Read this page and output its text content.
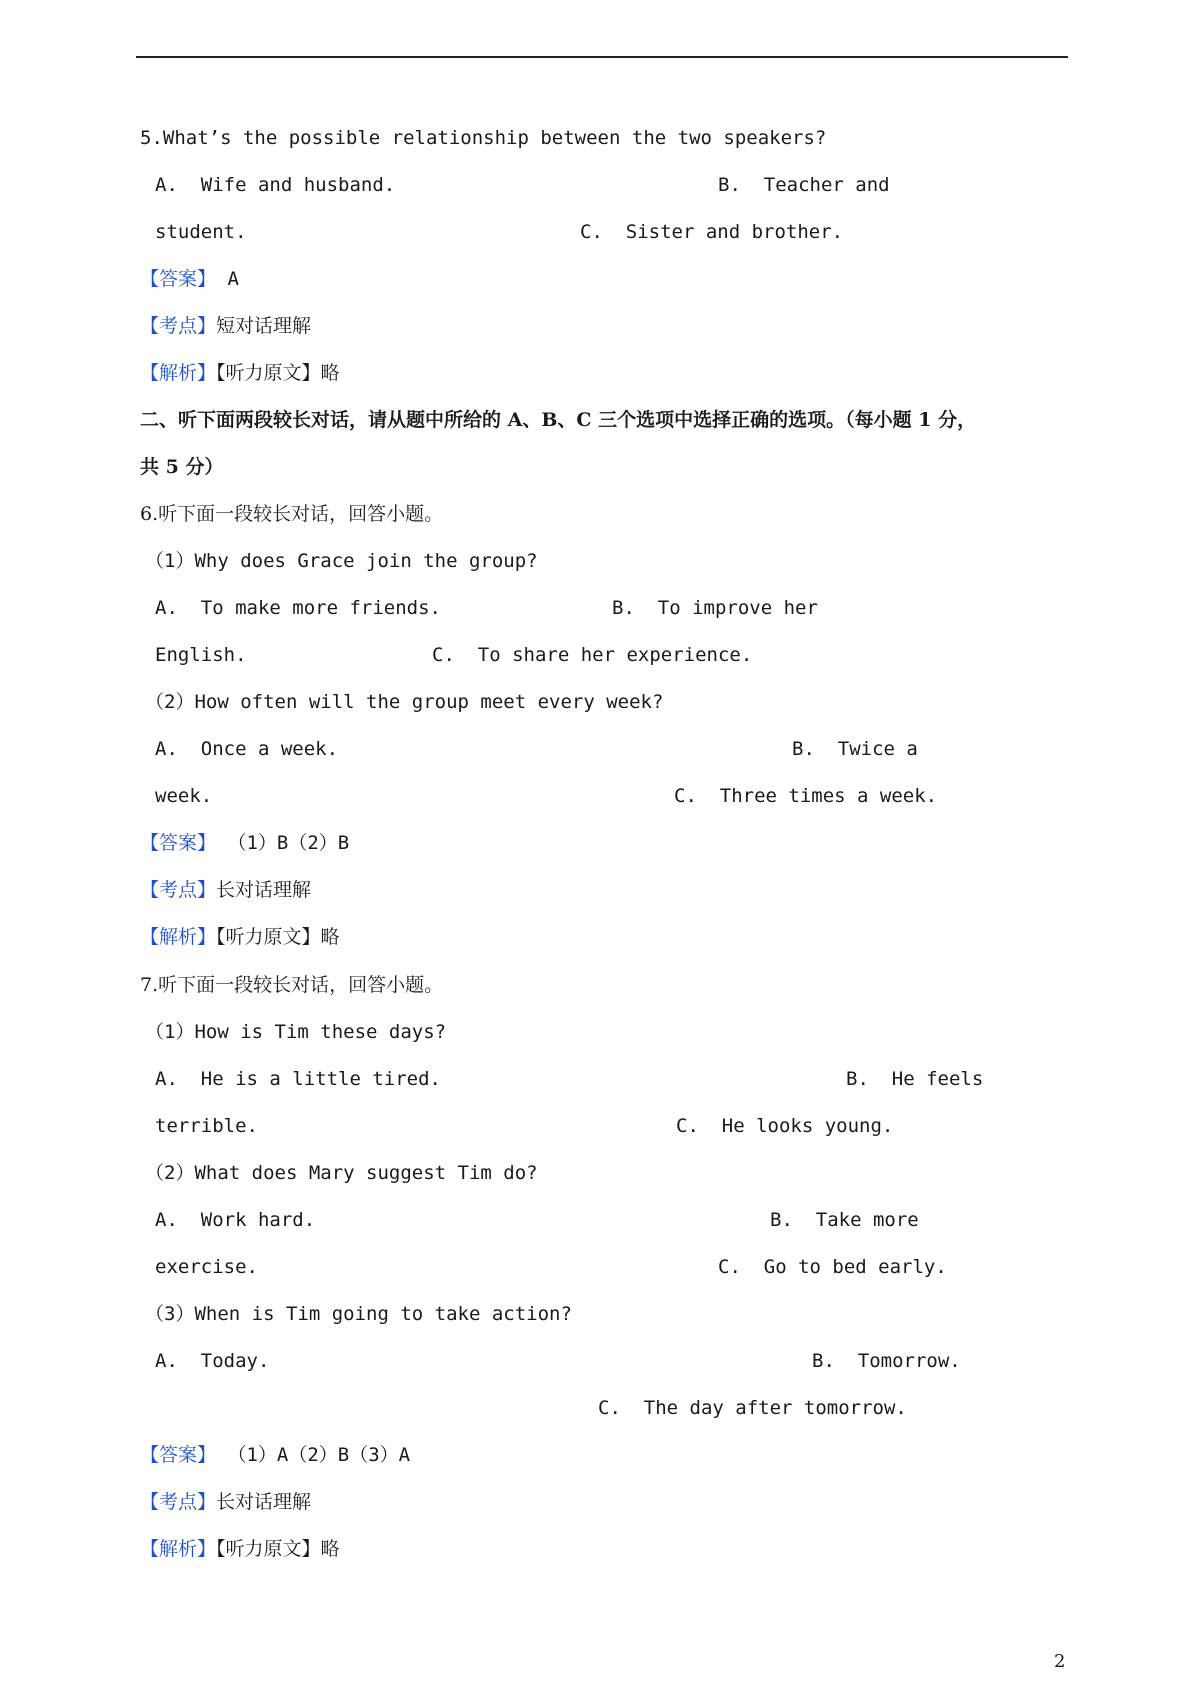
5.What’s the possible relationship between the two speakers?
A.  Wife and husband.	B.  Teacher and
student.	C.  Sister and brother.
【答案】 A
【考点】短对话理解
【解析】【听力原文】略
二、听下面两段较长对话，请从题中所给的 A、B、C 三个选项中选择正确的选项。（每小题 1 分，
共 5 分）
6.听下面一段较长对话，回答小题。
（1）Why does Grace join the group?
A.  To make more friends.	B.  To improve her
English.	C.  To share her experience.
（2）How often will the group meet every week?
A.  Once a week.	B.  Twice a
week.	C.  Three times a week.
【答案】 （1）B（2）B
【考点】长对话理解
【解析】【听力原文】略
7.听下面一段较长对话，回答小题。
（1）How is Tim these days?
A.  He is a little tired.	B.  He feels
terrible.	C.  He looks young.
（2）What does Mary suggest Tim do?
A.  Work hard.	B.  Take more
exercise.	C.  Go to bed early.
（3）When is Tim going to take action?
A.  Today.	B.  Tomorrow.
C.  The day after tomorrow.
【答案】 （1）A（2）B（3）A
【考点】长对话理解
【解析】【听力原文】略
2
